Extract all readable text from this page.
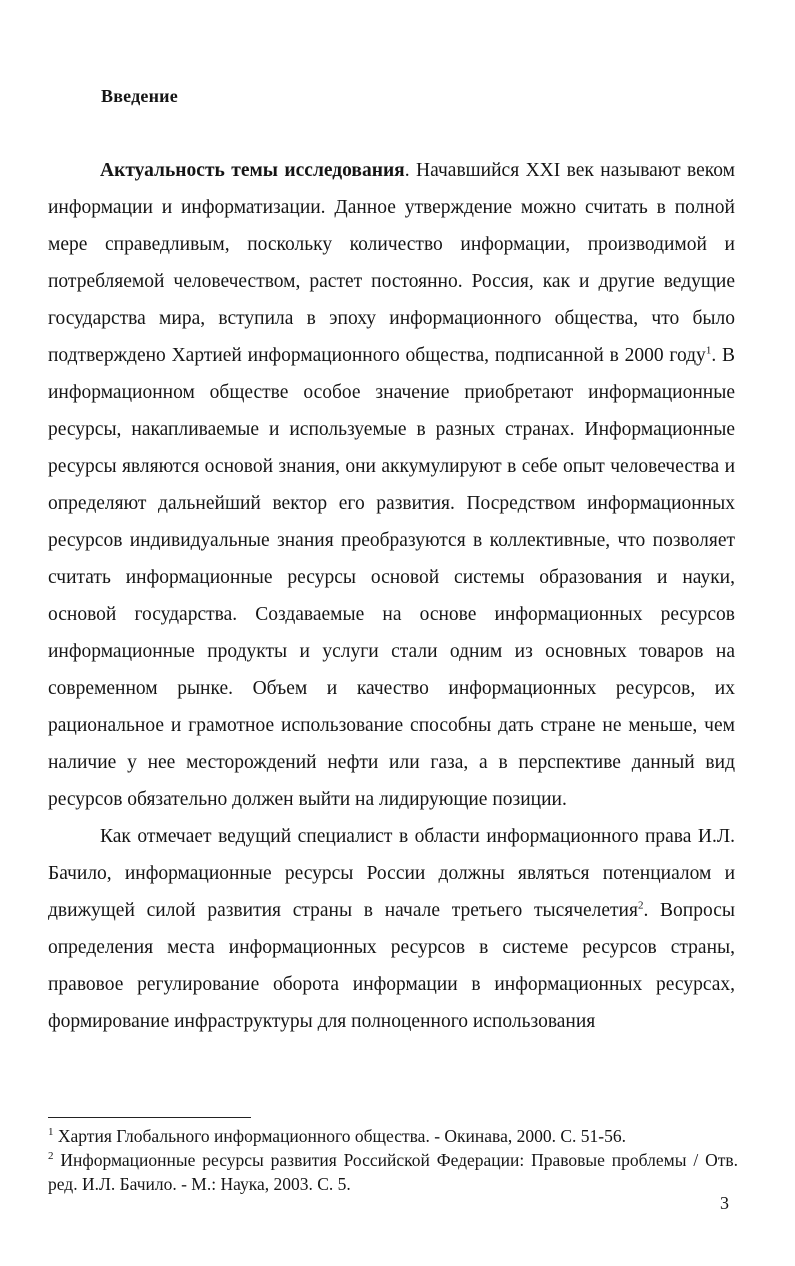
Введение

Актуальность темы исследования. Начавшийся XXI век называют веком информации и информатизации. Данное утверждение можно считать в полной мере справедливым, поскольку количество информации, производимой и потребляемой человечеством, растет постоянно. Россия, как и другие ведущие государства мира, вступила в эпоху информационного общества, что было подтверждено Хартией информационного общества, подписанной в 2000 году$^1$. В информационном обществе особое значение приобретают информационные ресурсы, накапливаемые и используемые в разных странах. Информационные ресурсы являются основой знания, они аккумулируют в себе опыт человечества и определяют дальнейший вектор его развития. Посредством информационных ресурсов индивидуальные знания преобразуются в коллективные, что позволяет считать информационные ресурсы основой системы образования и науки, основой государства. Создаваемые на основе информационных ресурсов информационные продукты и услуги стали одним из основных товаров на современном рынке. Объем и качество информационных ресурсов, их рациональное и грамотное использование способны дать стране не меньше, чем наличие у нее месторождений нефти или газа, а в перспективе данный вид ресурсов обязательно должен выйти на лидирующие позиции.

Как отмечает ведущий специалист в области информационного права И.Л. Бачило, информационные ресурсы России должны являться потенциалом и движущей силой развития страны в начале третьего тысячелетия$^2$. Вопросы определения места информационных ресурсов в системе ресурсов страны, правовое регулирование оборота информации в информационных ресурсах, формирование инфраструктуры для полноценного использования

$^1$ Хартия Глобального информационного общества. - Окинава, 2000. С. 51-56.

$^2$ Информационные ресурсы развития Российской Федерации: Правовые проблемы / Отв. ред. И.Л. Бачило. - М.: Наука, 2003. С. 5.

3
